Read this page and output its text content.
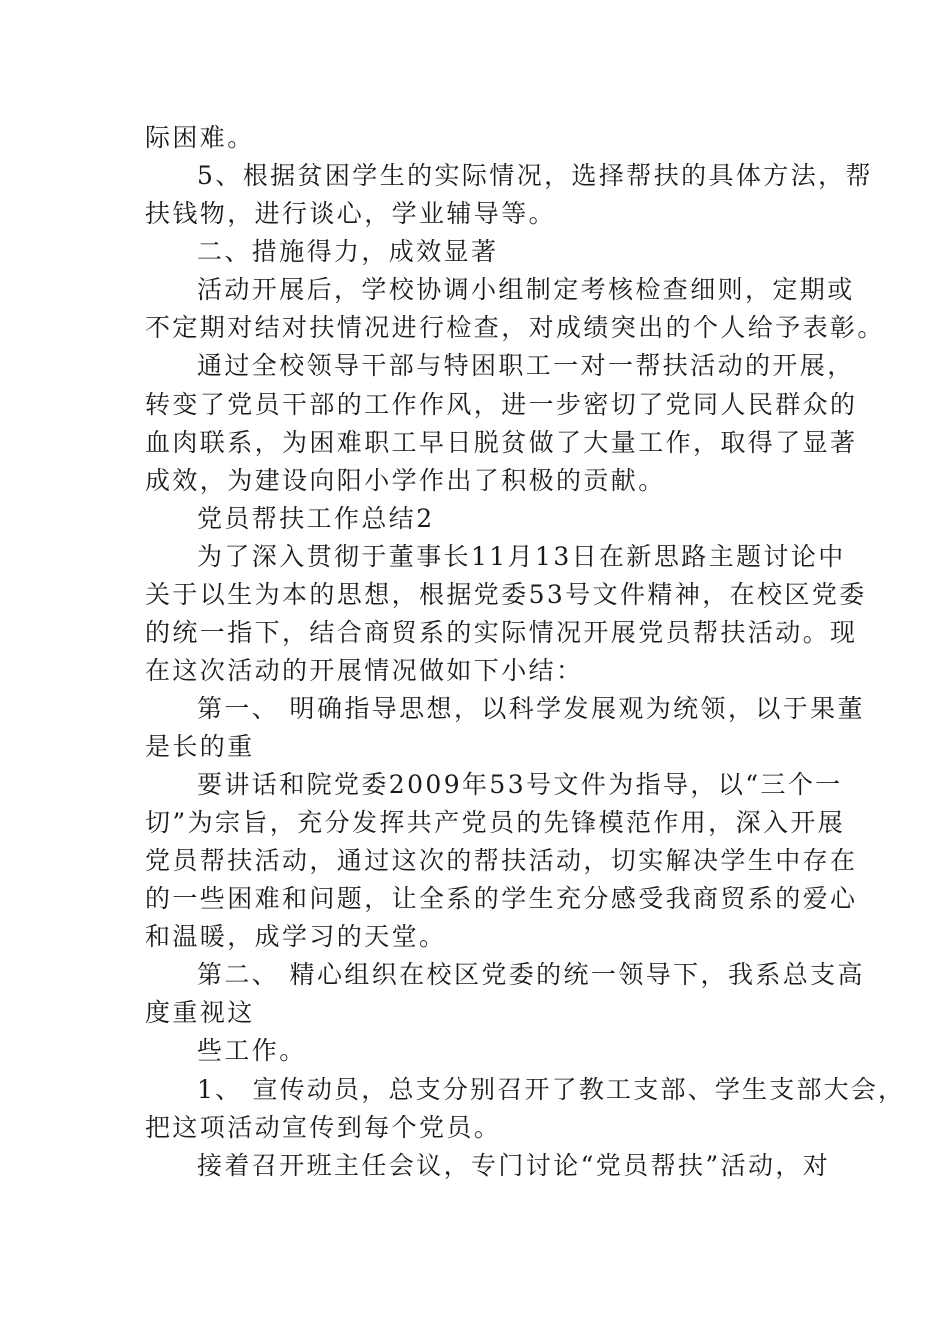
际困难。
5、根据贫困学生的实际情况，选择帮扶的具体方法，帮
扶钱物，进行谈心，学业辅导等。
二、措施得力，成效显著
活动开展后，学校协调小组制定考核检查细则，定期或
不定期对结对扶情况进行检查，对成绩突出的个人给予表彰。
通过全校领导干部与特困职工一对一帮扶活动的开展，
转变了党员干部的工作作风，进一步密切了党同人民群众的
血肉联系，为困难职工早日脱贫做了大量工作，取得了显著
成效，为建设向阳小学作出了积极的贡献。
党员帮扶工作总结2
为了深入贯彻于董事长11月13日在新思路主题讨论中
关于以生为本的思想，根据党委53号文件精神，在校区党委
的统一指下，结合商贸系的实际情况开展党员帮扶活动。现
在这次活动的开展情况做如下小结：
第一、 明确指导思想，以科学发展观为统领，以于果董
是长的重
要讲话和院党委2009年53号文件为指导，以“三个一
切”为宗旨，充分发挥共产党员的先锋模范作用，深入开展
党员帮扶活动，通过这次的帮扶活动，切实解决学生中存在
的一些困难和问题，让全系的学生充分感受我商贸系的爱心
和温暖，成学习的天堂。
第二、 精心组织在校区党委的统一领导下，我系总支高
度重视这
些工作。
1、 宣传动员，总支分别召开了教工支部、学生支部大会，
把这项活动宣传到每个党员。
接着召开班主任会议，专门讨论“党员帮扶”活动，对
